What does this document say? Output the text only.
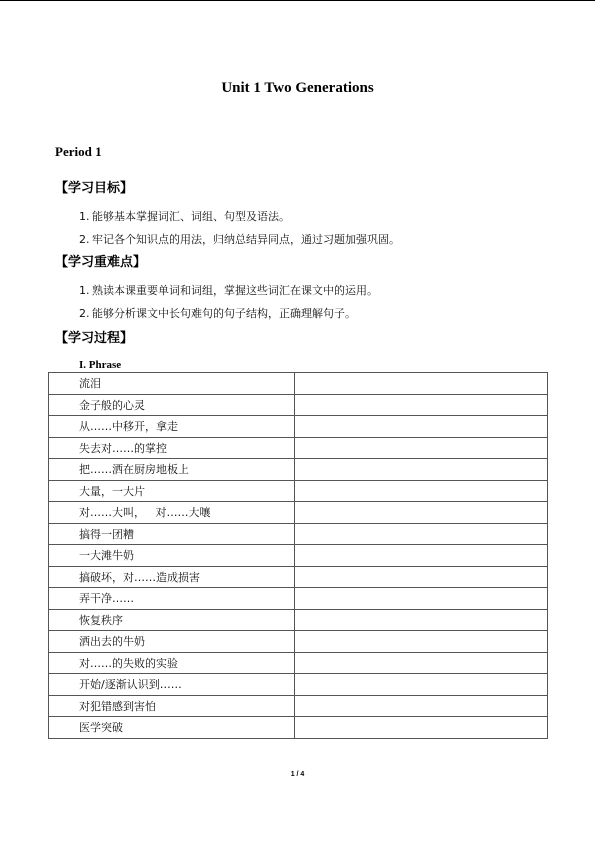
Unit 1 Two Generations
Period 1
【学习目标】
1. 能够基本掌握词汇、词组、句型及语法。
2. 牢记各个知识点的用法，归纳总结异同点，通过习题加强巩固。
【学习重难点】
1. 熟读本课重要单词和词组，掌握这些词汇在课文中的运用。
2. 能够分析课文中长句难句的句子结构，正确理解句子。
【学习过程】
I. Phrase
流泪	
金子般的心灵	
从……中移开，拿走	
失去对……的掌控	
把……洒在厨房地板上	
大量，一大片	
对……大叫，   对……大嚷	
搞得一团糟	
一大滩牛奶	
搞破坏，对……造成损害	
弄干净……	
恢复秩序	
洒出去的牛奶	
对……的失败的实验	
开始/逐渐认识到……	
对犯错感到害怕	
医学突破	
1 / 4
